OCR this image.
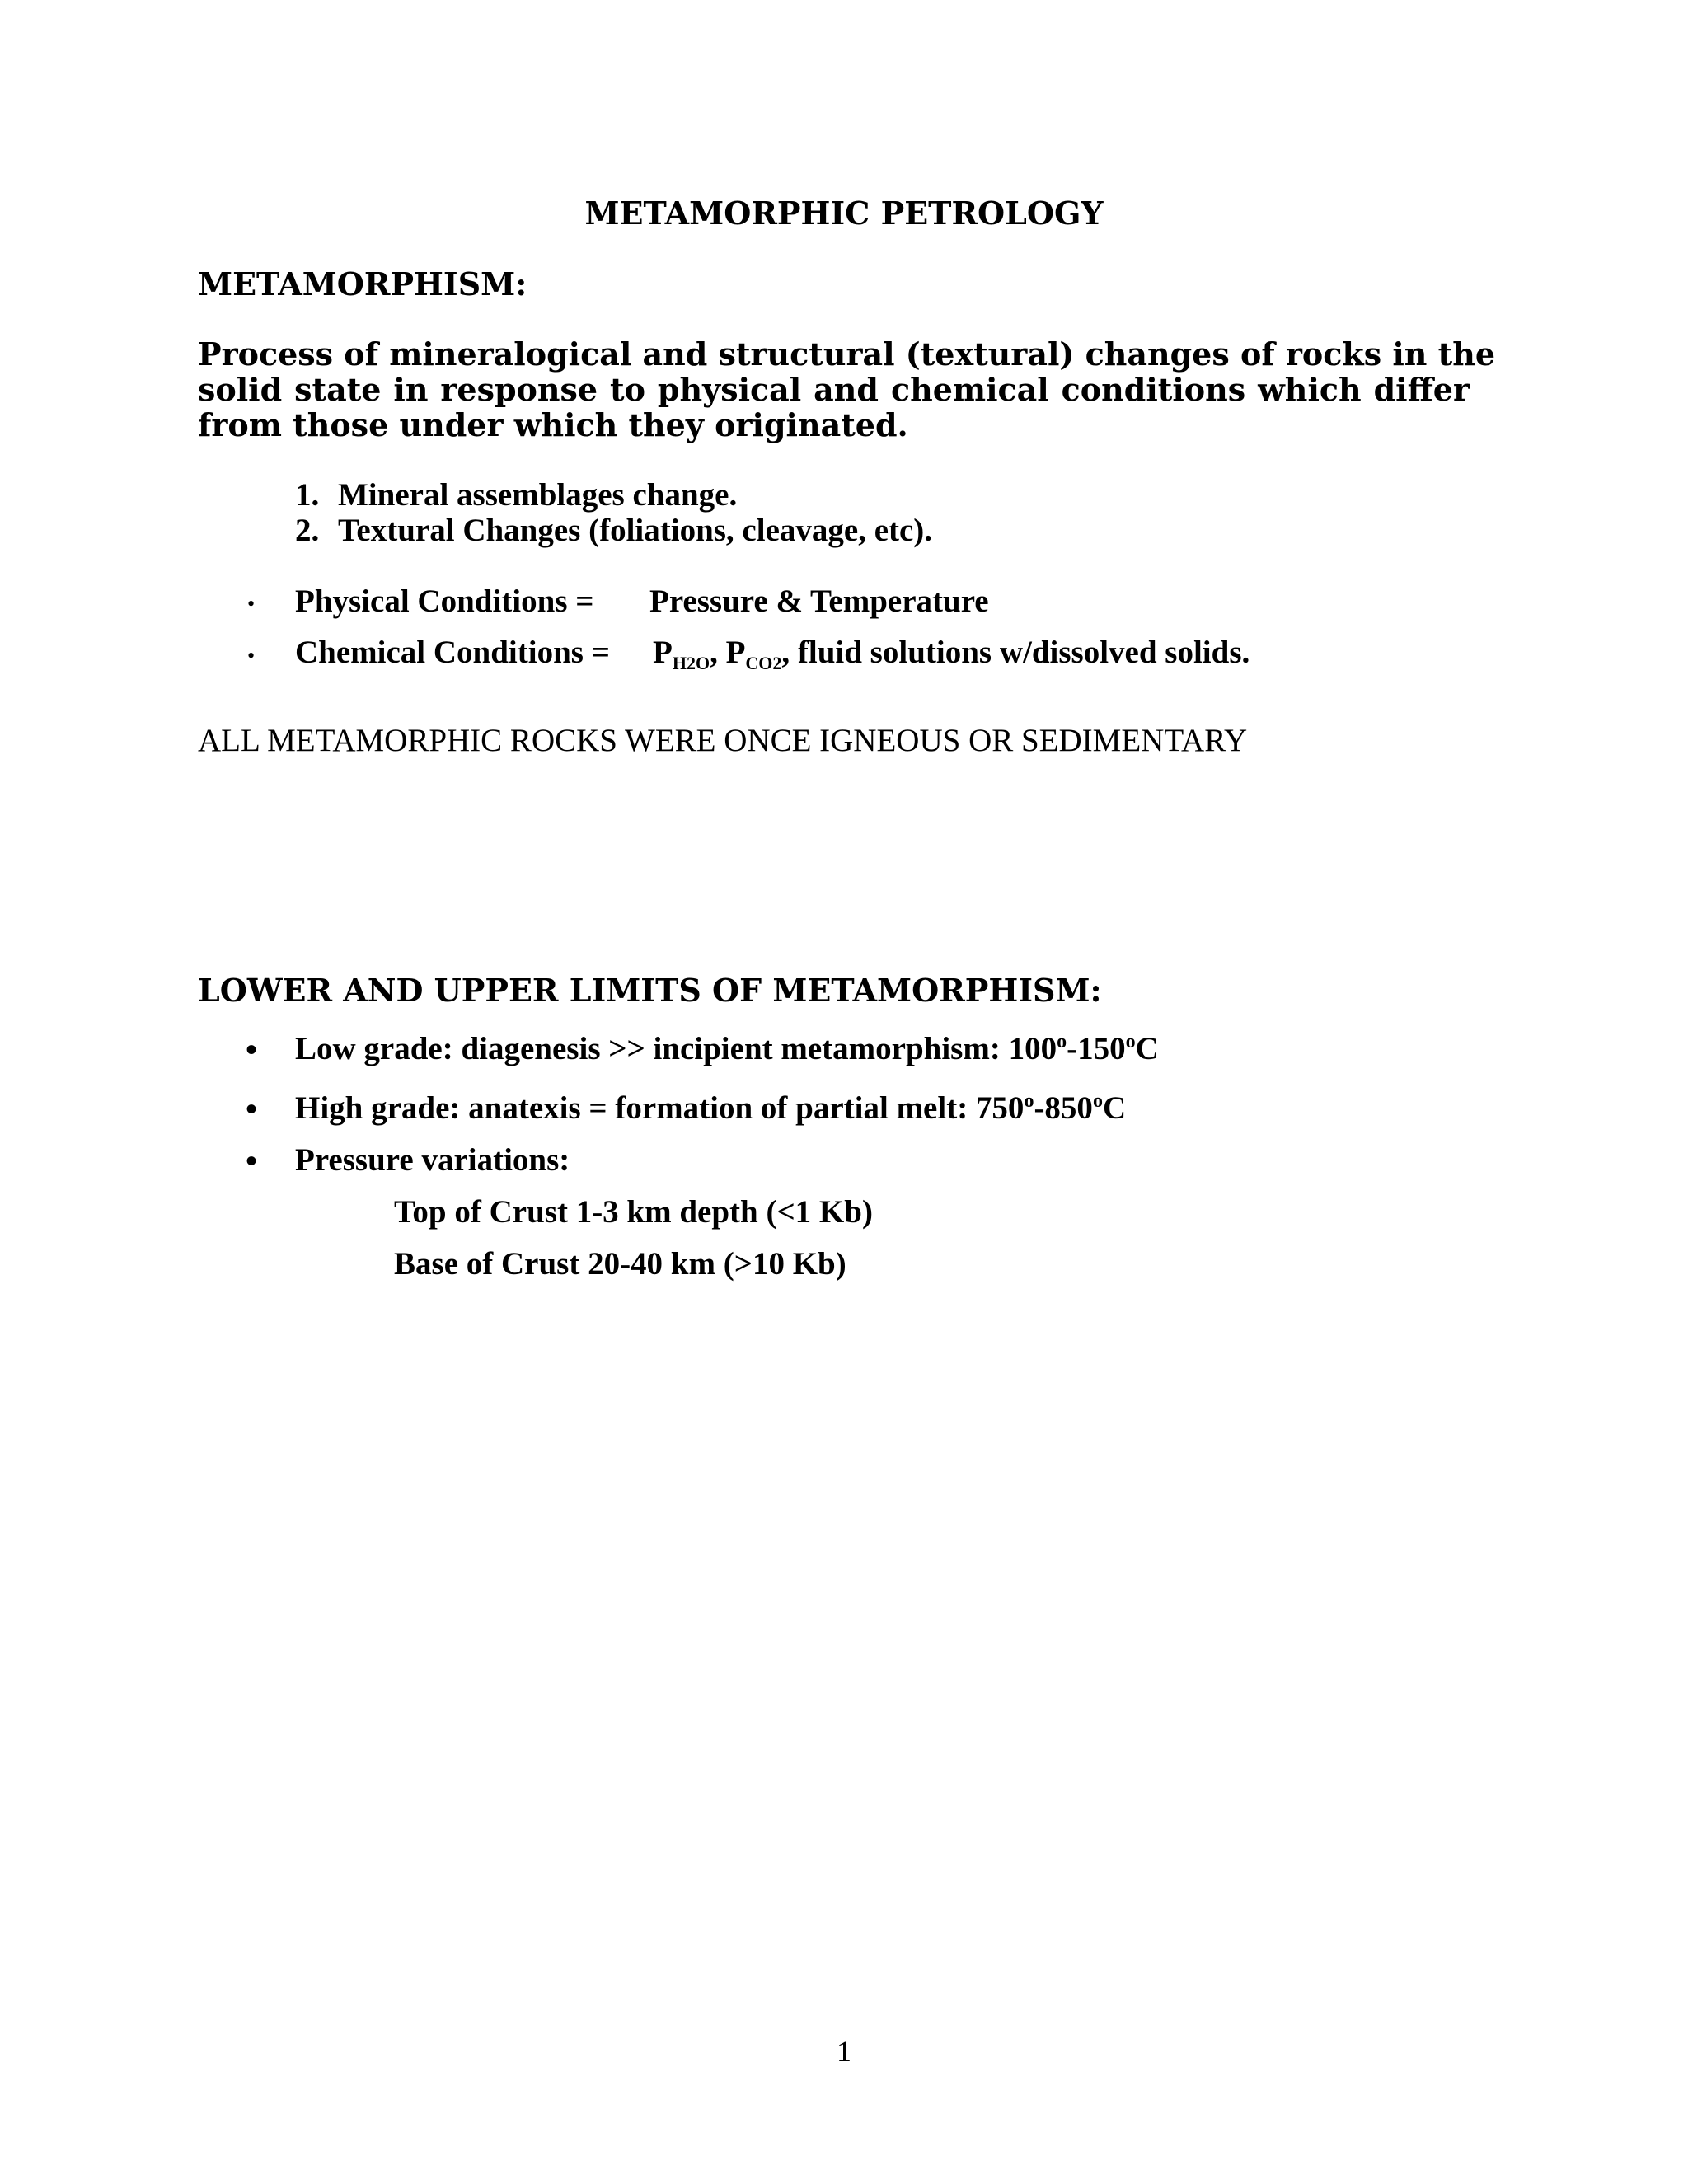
METAMORPHIC PETROLOGY
METAMORPHISM:
Process of mineralogical and structural (textural) changes of rocks in the
solid state in response to physical and chemical conditions which differ
from those under which they originated.
1. Mineral assemblages change.
2. Textural Changes (foliations, cleavage, etc).
• Physical Conditions = Pressure & Temperature
• Chemical Conditions = $P_{H2O}$, $P_{CO2}$, fluid solutions w/dissolved solids.
ALL METAMORPHIC ROCKS WERE ONCE IGNEOUS OR SEDIMENTARY
LOWER AND UPPER LIMITS OF METAMORPHISM:
• Low grade: diagenesis >> incipient metamorphism: 100$^o$-150$^o$C
• High grade: anatexis = formation of partial melt: 750$^o$-850$^o$C
• Pressure variations:
Top of Crust 1-3 km depth (<1 Kb)
Base of Crust 20-40 km (>10 Kb)
1
